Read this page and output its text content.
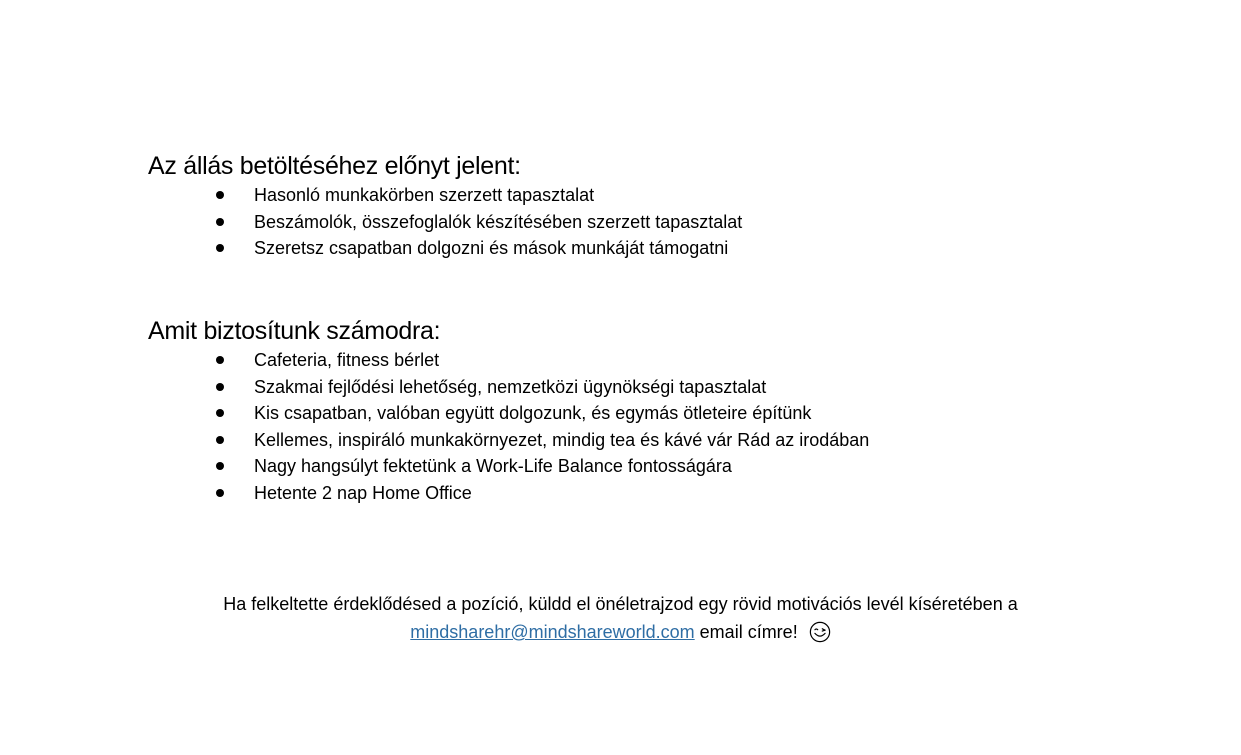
Az állás betöltéséhez előnyt jelent:
Hasonló munkakörben szerzett tapasztalat
Beszámolók, összefoglalók készítésében szerzett tapasztalat
Szeretsz csapatban dolgozni és mások munkáját támogatni
Amit biztosítunk számodra:
Cafeteria, fitness bérlet
Szakmai fejlődési lehetőség, nemzetközi ügynökségi tapasztalat
Kis csapatban, valóban együtt dolgozunk, és egymás ötleteire építünk
Kellemes, inspiráló munkakörnyezet, mindig tea és kávé vár Rád az irodában
Nagy hangsúlyt fektetünk a Work-Life Balance fontosságára
Hetente 2 nap Home Office
Ha felkeltette érdeklődésed a pozíció, küldd el önéletrajzod egy rövid motivációs levél kíséretében a
mindsharehr@mindshareworld.com email címre!
